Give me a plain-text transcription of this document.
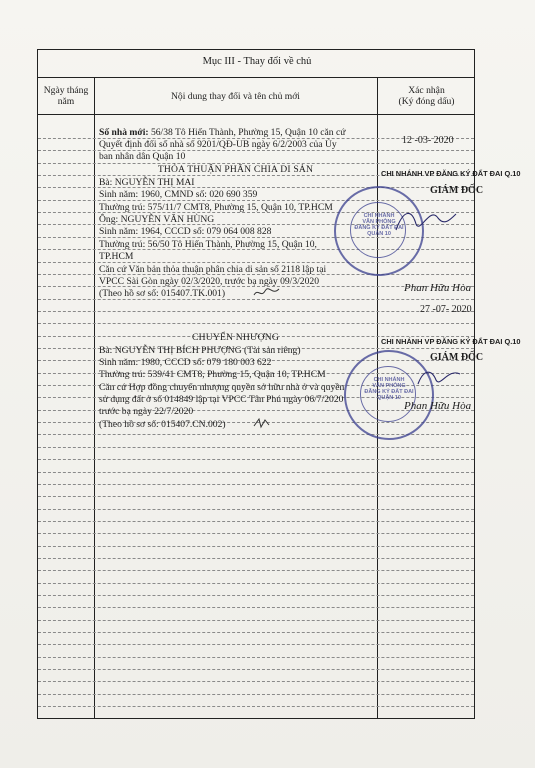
Mục III - Thay đổi về chủ
Ngày tháng
năm	Nội dung thay đổi và tên chủ mới
Xác nhận
(Ký đóng dấu)
Số nhà mới: 56/38 Tô Hiến Thành, Phường 15, Quận 10 căn cứ
Quyết định đổi số nhà số 9201/QĐ-UB ngày 6/2/2003 của Ủy
ban nhân dân Quận 10
THỎA THUẬN PHÂN CHIA DI SẢN
Bà: NGUYỄN THỊ MAI
Sinh năm: 1960, CMND số: 020 690 359
Thường trú: 575/11/7 CMT8, Phường 15, Quận 10, TP.HCM
Ông: NGUYỄN VĂN HÙNG
Sinh năm: 1964, CCCD số: 079 064 008 828
Thường trú: 56/50 Tô Hiến Thành, Phường 15, Quận 10,
TP.HCM
Căn cứ Văn bản thỏa thuận phân chia di sản số 2118 lập tại
VPCC Sài Gòn ngày 02/3/2020, trước bạ ngày 09/3/2020
(Theo hồ sơ số: 015407.TK.001)
CHUYỂN NHƯỢNG
Bà: NGUYỄN THỊ BÍCH PHƯỢNG (Tài sản riêng)
Sinh năm: 1980, CCCD số: 079 180 003 622
Thường trú: 539/41 CMT8, Phường 15, Quận 10, TP.HCM
Căn cứ Hợp đồng chuyển nhượng quyền sở hữu nhà ở và quyền
sử dụng đất ở số 014849 lập tại VPCC Tân Phú ngày 06/7/2020
trước bạ ngày 22/7/2020
(Theo hồ sơ số: 015407.CN.002)
12 -03- 2020
CHI NHÁNH VP ĐĂNG KÝ ĐẤT ĐAI Q.10
GIÁM ĐỐC
CHI NHÁNH
VĂN PHÒNG
ĐĂNG KÝ ĐẤT ĐAI
QUẬN 10
Phan Hữu Hòa
27 -07- 2020
CHI NHÁNH VP ĐĂNG KÝ ĐẤT ĐAI Q.10
GIÁM ĐỐC
CHI NHÁNH
VĂN PHÒNG
ĐĂNG KÝ ĐẤT ĐAI
QUẬN 10
Phan Hữu Hòa
